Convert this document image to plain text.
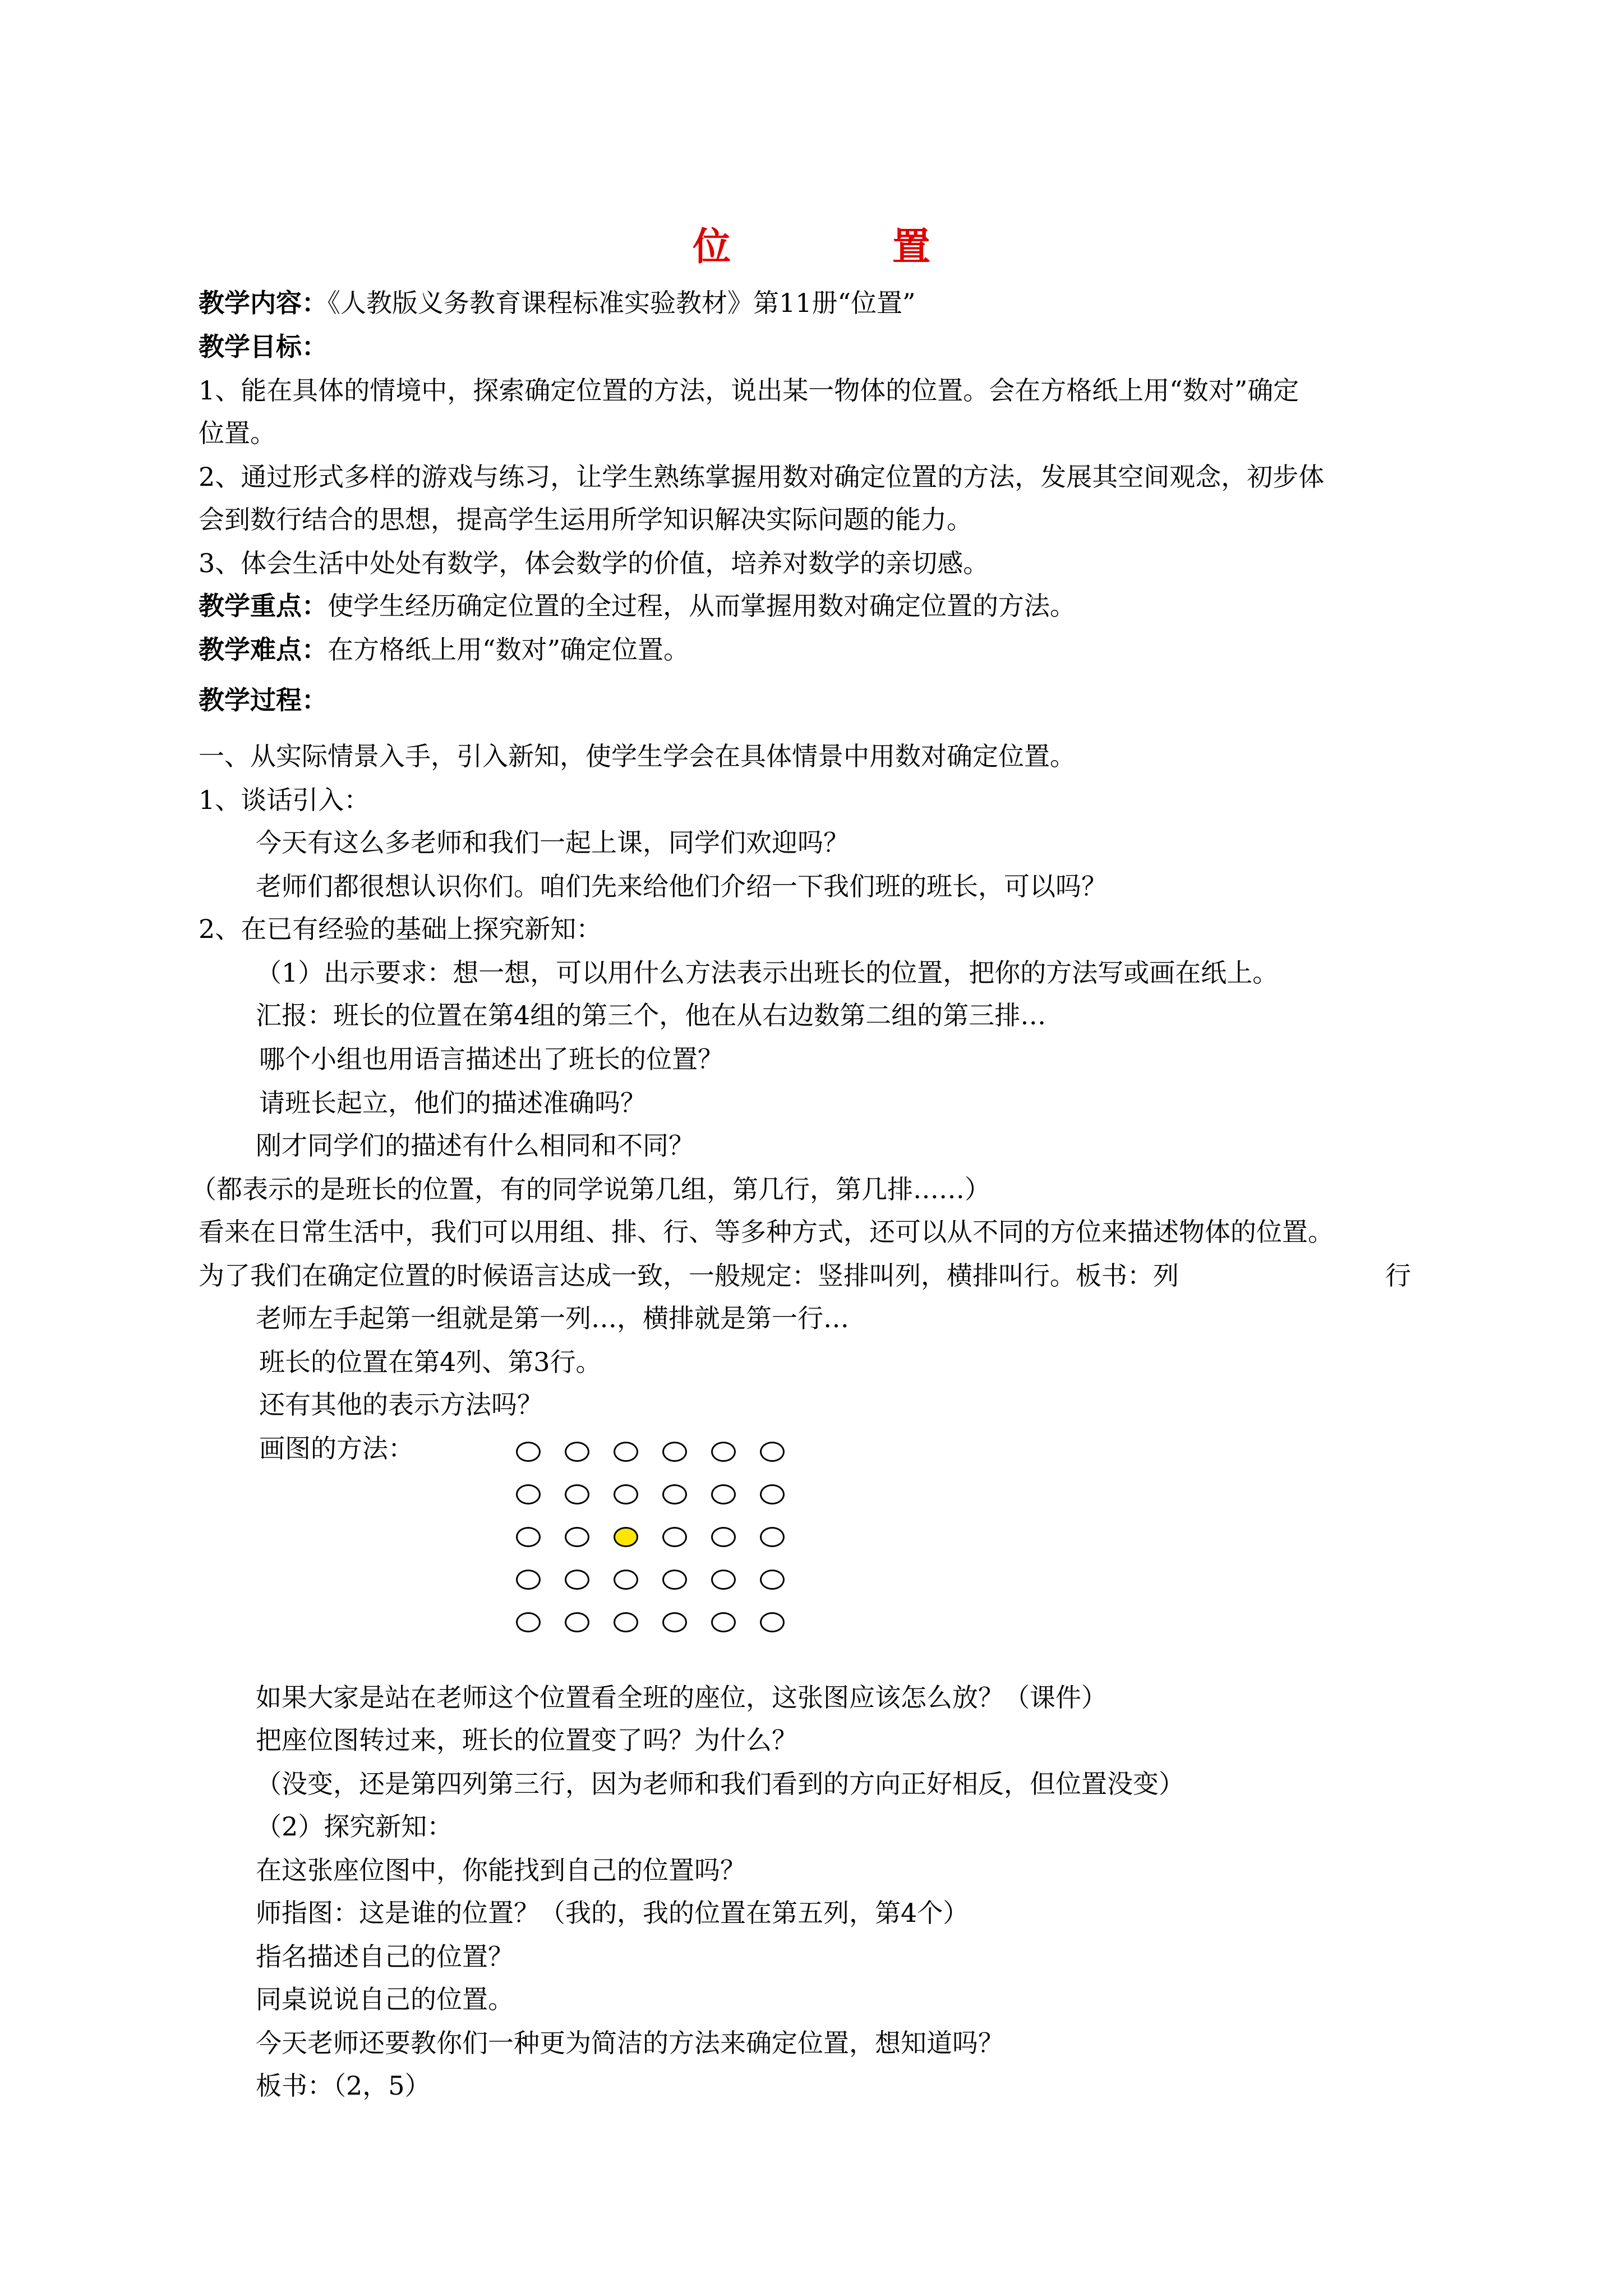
位　置
教学内容：《人教版义务教育课程标准实验教材》第11册“位置”
教学目标：
1、能在具体的情境中，探索确定位置的方法，说出某一物体的位置。会在方格纸上用“数对”确定
位置。
2、通过形式多样的游戏与练习，让学生熟练掌握用数对确定位置的方法，发展其空间观念，初步体
会到数行结合的思想，提高学生运用所学知识解决实际问题的能力。
3、体会生活中处处有数学，体会数学的价值，培养对数学的亲切感。
教学重点：使学生经历确定位置的全过程，从而掌握用数对确定位置的方法。
教学难点：在方格纸上用“数对”确定位置。
教学过程：
一、从实际情景入手，引入新知，使学生学会在具体情景中用数对确定位置。
1、谈话引入：
今天有这么多老师和我们一起上课，同学们欢迎吗？
老师们都很想认识你们。咱们先来给他们介绍一下我们班的班长，可以吗？
2、在已有经验的基础上探究新知：
（1）出示要求：想一想，可以用什么方法表示出班长的位置，把你的方法写或画在纸上。
汇报：班长的位置在第4组的第三个，他在从右边数第二组的第三排…
哪个小组也用语言描述出了班长的位置？
请班长起立，他们的描述准确吗？
刚才同学们的描述有什么相同和不同？
（都表示的是班长的位置，有的同学说第几组，第几行，第几排……）
看来在日常生活中，我们可以用组、排、行、等多种方式，还可以从不同的方位来描述物体的位置。
为了我们在确定位置的时候语言达成一致，一般规定：竖排叫列，横排叫行。板书：列	行
老师左手起第一组就是第一列…，横排就是第一行…
班长的位置在第4列、第3行。
还有其他的表示方法吗？
画图的方法：
如果大家是站在老师这个位置看全班的座位，这张图应该怎么放？（课件）
把座位图转过来，班长的位置变了吗？为什么？
（没变，还是第四列第三行，因为老师和我们看到的方向正好相反，但位置没变）
（2）探究新知：
在这张座位图中，你能找到自己的位置吗？
师指图：这是谁的位置？（我的，我的位置在第五列，第4个）
指名描述自己的位置？
同桌说说自己的位置。
今天老师还要教你们一种更为简洁的方法来确定位置，想知道吗？
板书：（2，5）
